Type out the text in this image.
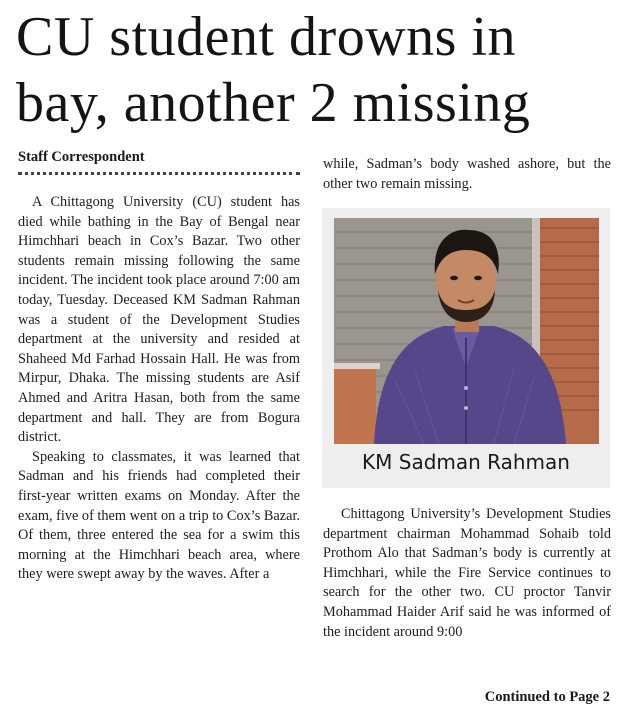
CU student drowns in bay, another 2 missing
Staff Correspondent

A Chittagong University (CU) student has died while bathing in the Bay of Bengal near Himchhari beach in Cox’s Bazar. Two other students remain missing following the same incident. The incident took place around 7:00 am today, Tuesday. Deceased KM Sadman Rahman was a student of the Development Studies department at the university and resided at Shaheed Md Farhad Hossain Hall. He was from Mirpur, Dhaka. The missing students are Asif Ahmed and Aritra Hasan, both from the same department and hall. They are from Bogura district.

Speaking to classmates, it was learned that Sadman and his friends had completed their first-year written exams on Monday. After the exam, five of them went on a trip to Cox’s Bazar. Of them, three entered the sea for a swim this morning at the Himchhari beach area, where they were swept away by the waves. After a

while, Sadman’s body washed ashore, but the other two remain missing.

KM Sadman Rahman

Chittagong University’s Development Studies department chairman Mohammad Sohaib told Prothom Alo that Sadman’s body is currently at Himchhari, while the Fire Service continues to search for the other two. CU proctor Tanvir Mohammad Haider Arif said he was informed of the incident around 9:00

Continued to Page 2
